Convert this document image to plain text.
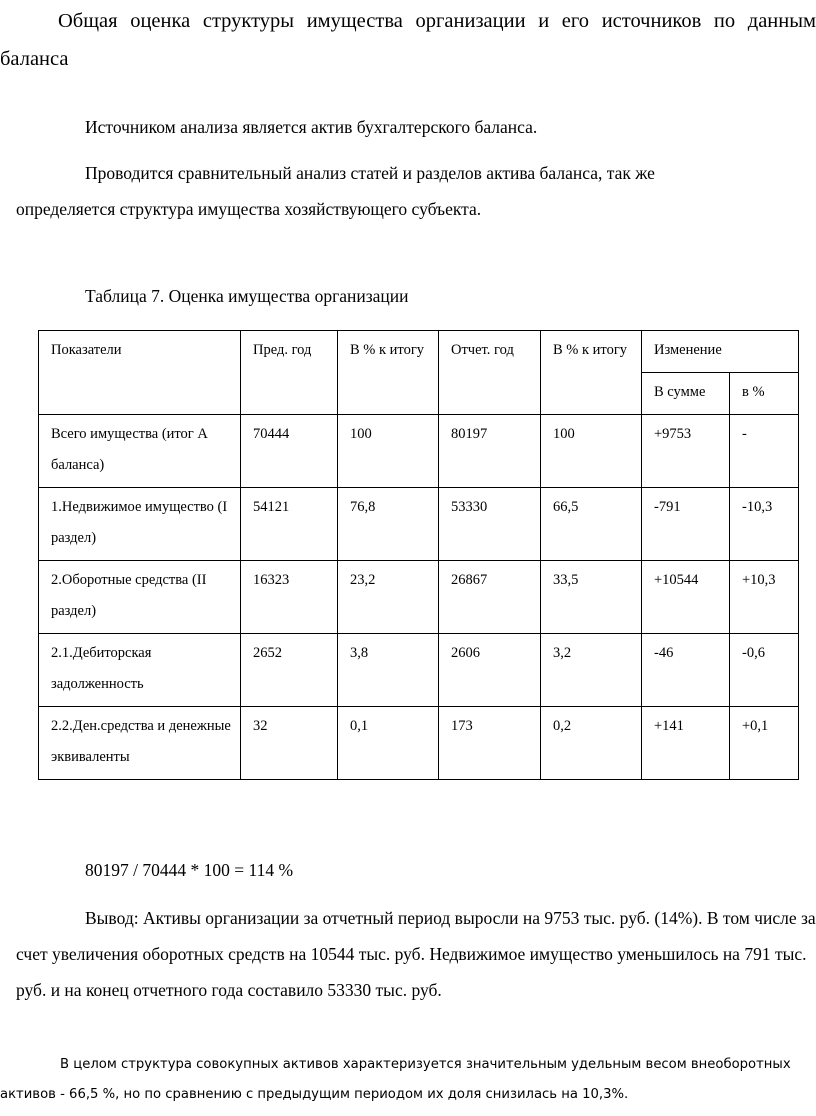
Общая оценка структуры имущества организации и его источников по данным баланса
Источником анализа является актив бухгалтерского баланса.
Проводится сравнительный анализ статей и разделов актива баланса, так же
определяется структура имущества хозяйствующего субъекта.
Таблица 7. Оценка имущества организации
Показатели	Пред. год	В % к итогу	Отчет. год	В % к итогу	Изменение	
					В сумме	в %
Всего имущества (итог А баланса)	70444	100	80197	100	+9753	-
1.Недвижимое имущество (I раздел)	54121	76,8	53330	66,5	-791	-10,3
2.Оборотные средства (II раздел)	16323	23,2	26867	33,5	+10544	+10,3
2.1.Дебиторская задолженность	2652	3,8	2606	3,2	-46	-0,6
2.2.Ден.средства и денежные эквиваленты	32	0,1	173	0,2	+141	+0,1
80197 / 70444 * 100 = 114 %
Вывод: Активы организации за отчетный период выросли на 9753 тыс. руб. (14%). В том числе за счет увеличения оборотных средств на 10544 тыс. руб. Недвижимое имущество уменьшилось на 791 тыс. руб. и на конец отчетного года составило 53330 тыс. руб.
В целом структура совокупных активов характеризуется значительным удельным весом внеоборотных активов - 66,5 %, но по сравнению с предыдущим периодом их доля снизилась на 10,3%.
